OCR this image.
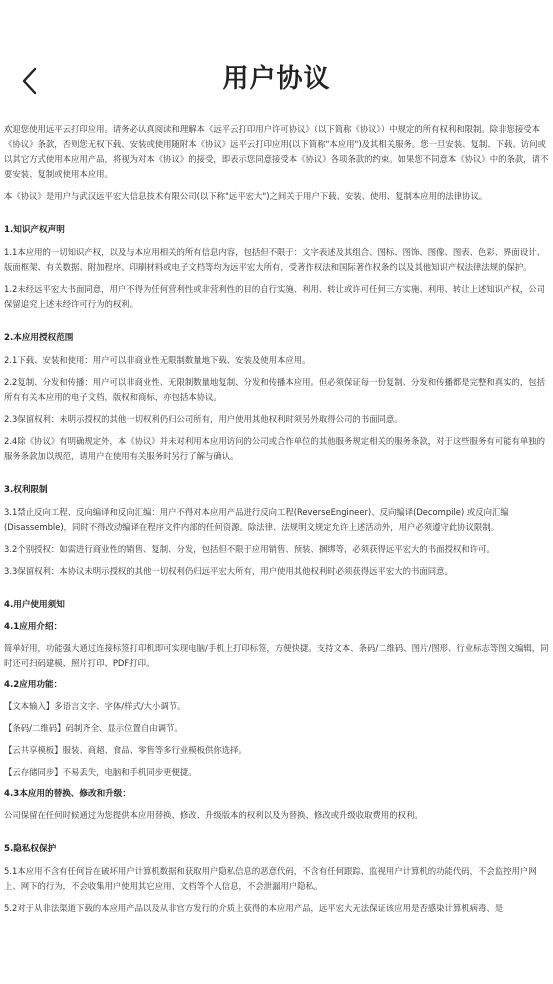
用户协议

欢迎您使用远平云打印应用。请务必认真阅读和理解本《远平云打印用户许可协议》（以下简称《协议》）中规定的所有权利和限制。除非您接受本《协议》条款，否则您无权下载、安装或使用随附本《协议》远平云打印应用(以下简称"本应用")及其相关服务。您一旦安装、复制、下载、访问或以其它方式使用本应用产品，将视为对本《协议》的接受，即表示您同意接受本《协议》各项条款的约束。如果您不同意本《协议》中的条款，请不要安装、复制或使用本应用。

本《协议》是用户与武汉远平宏大信息技术有限公司(以下称"远平宏大")之间关于用户下载、安装、使用、复制本应用的法律协议。

1.知识产权声明

1.1本应用的一切知识产权，以及与本应用相关的所有信息内容，包括但不限于：文字表述及其组合、图标、图饰、图像、图表、色彩、界面设计、版面框架、有关数据、附加程序、印刷材料或电子文档等均为远平宏大所有，受著作权法和国际著作权条约以及其他知识产权法律法规的保护。

1.2未经远平宏大书面同意，用户不得为任何营利性或非营利性的目的自行实施、利用、转让或许可任何三方实施、利用、转让上述知识产权，公司保留追究上述未经许可行为的权利。

2.本应用授权范围

2.1下载、安装和使用：用户可以非商业性无限制数量地下载、安装及使用本应用。

2.2复制、分发和传播：用户可以非商业性、无限制数量地复制、分发和传播本应用。但必须保证每一份复制、分发和传播都是完整和真实的，包括所有有关本应用的电子文档，版权和商标，亦包括本协议。

2.3保留权利：未明示授权的其他一切权利仍归公司所有，用户使用其他权利时须另外取得公司的书面同意。

2.4除《协议》有明确规定外，本《协议》并未对利用本应用访问的公司或合作单位的其他服务规定相关的服务条款，对于这些服务有可能有单独的服务条款加以规范，请用户在使用有关服务时另行了解与确认。

3.权利限制

3.1禁止反向工程、反向编译和反向汇编：用户不得对本应用产品进行反向工程(ReverseEngineer)、反向编译(Decompile) 或反向汇编(Disassemble)，同时不得改动编译在程序文件内部的任何资源。除法律、法规明文规定允许上述活动外，用户必须遵守此协议限制。

3.2个别授权：如需进行商业性的销售、复制、分发，包括但不限于应用销售、预装、捆绑等，必须获得远平宏大的书面授权和许可。

3.3保留权利：本协议未明示授权的其他一切权利仍归远平宏大所有，用户使用其他权利时必须获得远平宏大的书面同意。

4.用户使用须知
4.1应用介绍：

简单好用，功能强大通过连接标签打印机即可实现电脑/手机上打印标签，方便快捷。支持文本、条码/二维码、图片/图形、行业标志等图文编辑，同时还可扫码建模、照片打印、PDF打印。

4.2应用功能：

【文本输入】多语言文字、字体/样式/大小调节。

【条码/二维码】码制齐全、显示位置自由调节。

【云共享模板】服装、商超、食品、零售等多行业模板供你选择。

【云存储同步】不易丢失，电脑和手机同步更便捷。

4.3本应用的替换、修改和升级：

公司保留在任何时候通过为您提供本应用替换、修改、升级版本的权利以及为替换、修改或升级收取费用的权利。

5.隐私权保护

5.1本应用不含有任何旨在破坏用户计算机数据和获取用户隐私信息的恶意代码，不含有任何跟踪、监视用户计算机的功能代码，不会监控用户网上、网下的行为，不会收集用户使用其它应用、文档等个人信息，不会泄漏用户隐私。

5.2对于从非法渠道下载的本应用产品以及从非官方发行的介质上获得的本应用产品，远平宏大无法保证该应用是否感染计算机病毒、是
